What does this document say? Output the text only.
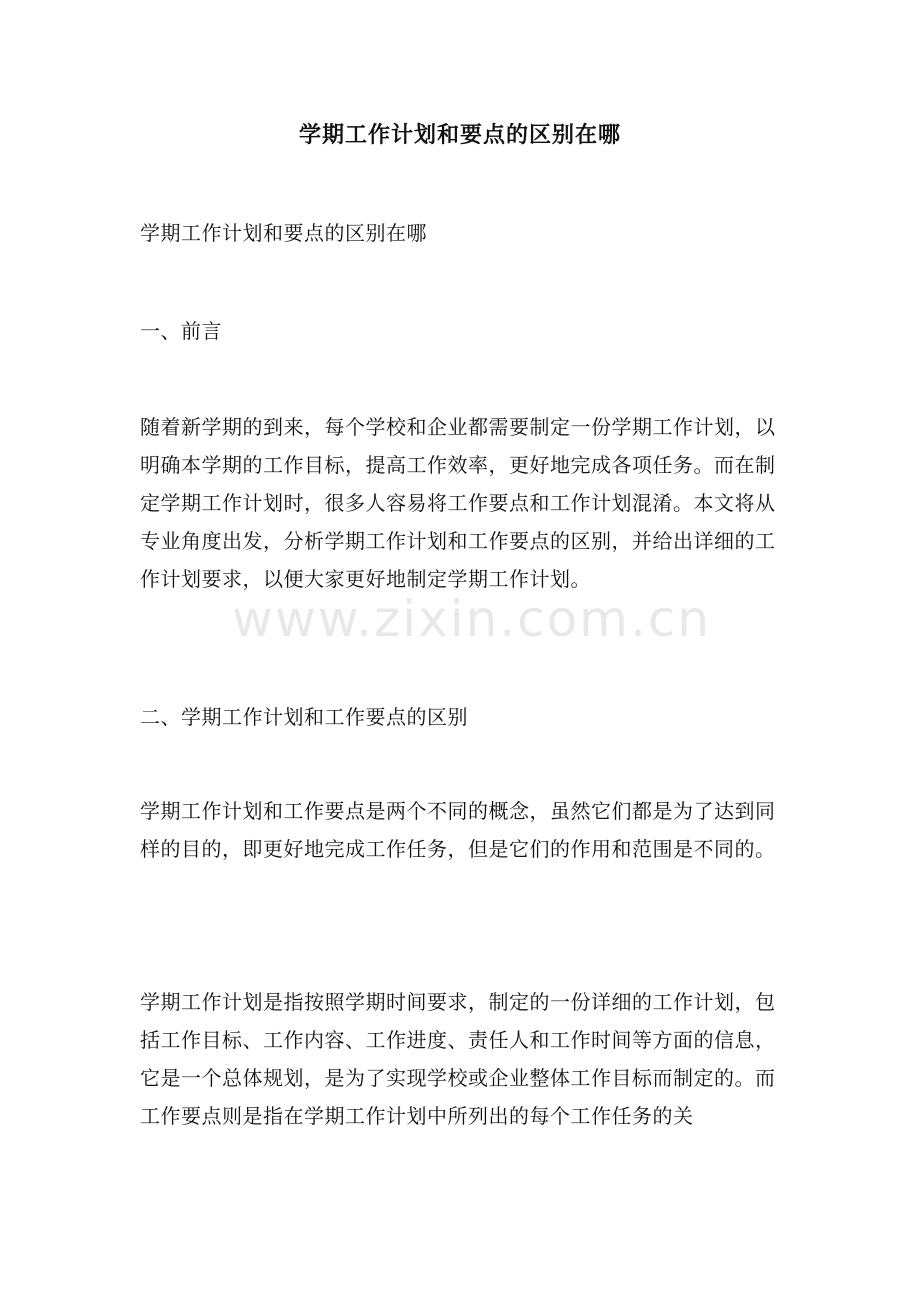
学期工作计划和要点的区别在哪
学期工作计划和要点的区别在哪
一、前言
随着新学期的到来，每个学校和企业都需要制定一份学期工作计划，以明确本学期的工作目标，提高工作效率，更好地完成各项任务。而在制定学期工作计划时，很多人容易将工作要点和工作计划混淆。本文将从专业角度出发，分析学期工作计划和工作要点的区别，并给出详细的工作计划要求，以便大家更好地制定学期工作计划。
二、学期工作计划和工作要点的区别
学期工作计划和工作要点是两个不同的概念，虽然它们都是为了达到同样的目的，即更好地完成工作任务，但是它们的作用和范围是不同的。
学期工作计划是指按照学期时间要求，制定的一份详细的工作计划，包括工作目标、工作内容、工作进度、责任人和工作时间等方面的信息，它是一个总体规划，是为了实现学校或企业整体工作目标而制定的。而工作要点则是指在学期工作计划中所列出的每个工作任务的关
www.zixin.com.cn
